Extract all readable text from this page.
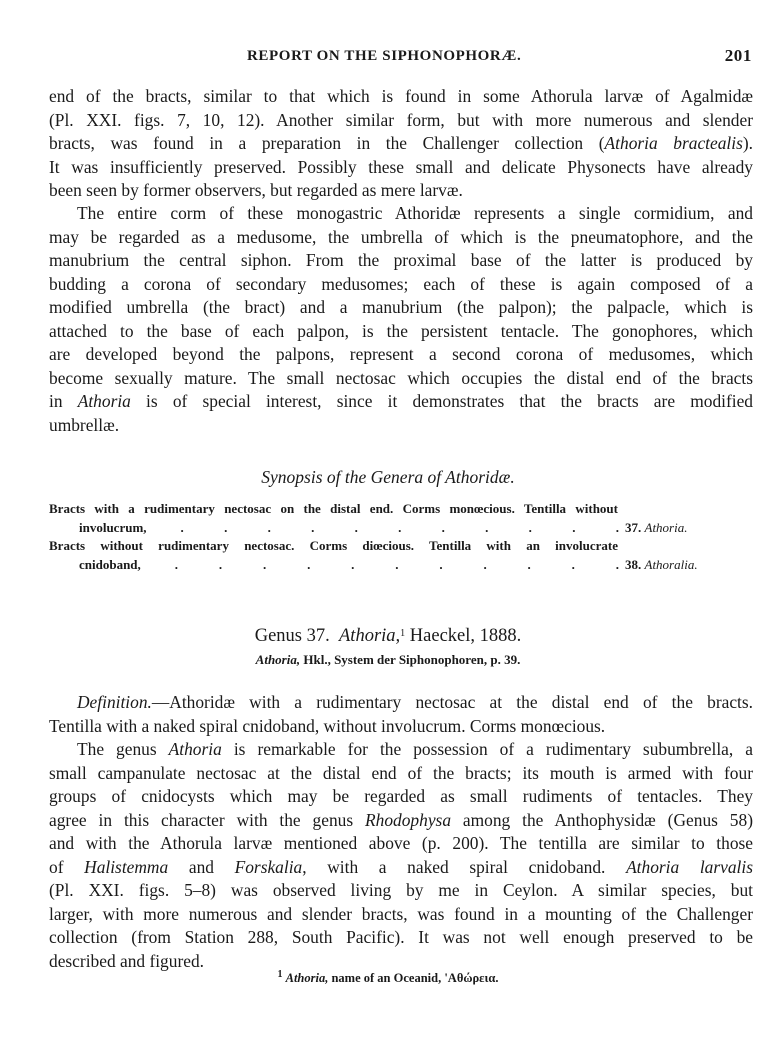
REPORT ON THE SIPHONOPHORÆ.	201
end of the bracts, similar to that which is found in some Athorula larvæ of Agalmidæ
(Pl. XXI. figs. 7, 10, 12). Another similar form, but with more numerous and slender
bracts, was found in a preparation in the Challenger collection (Athoria bractealis).
It was insufficiently preserved. Possibly these small and delicate Physonects have already
been seen by former observers, but regarded as mere larvæ.
The entire corm of these monogastric Athoridæ represents a single cormidium, and
may be regarded as a medusome, the umbrella of which is the pneumatophore, and the
manubrium the central siphon. From the proximal base of the latter is produced by
budding a corona of secondary medusomes; each of these is again composed of a
modified umbrella (the bract) and a manubrium (the palpon); the palpacle, which is
attached to the base of each palpon, is the persistent tentacle. The gonophores, which
are developed beyond the palpons, represent a second corona of medusomes, which
become sexually mature. The small nectosac which occupies the distal end of the bracts
in Athoria is of special interest, since it demonstrates that the bracts are modified
umbrellæ.
Synopsis of the Genera of Athoridæ.
Bracts with a rudimentary nectosac on the distal end. Corms monœcious. Tentilla without
involucrum,	.	.	.	.	.	.	.	.	.	.	. 37. Athoria.
Bracts without rudimentary nectosac. Corms diœcious. Tentilla with an involucrate
cnidoband,	.	.	.	.	.	.	.	.	.	.	. 38. Athoralia.
Genus 37. Athoria,$^1$ Haeckel, 1888.
Athoria, Hkl., System der Siphonophoren, p. 39.
Definition.—Athoridæ with a rudimentary nectosac at the distal end of the bracts.
Tentilla with a naked spiral cnidoband, without involucrum. Corms monœcious.
The genus Athoria is remarkable for the possession of a rudimentary subumbrella, a
small campanulate nectosac at the distal end of the bracts; its mouth is armed with four
groups of cnidocysts which may be regarded as small rudiments of tentacles. They
agree in this character with the genus Rhodophysa among the Anthophysidæ (Genus 58)
and with the Athorula larvæ mentioned above (p. 200). The tentilla are similar to those
of Halistemma and Forskalia, with a naked spiral cnidoband. Athoria larvalis
(Pl. XXI. figs. 5–8) was observed living by me in Ceylon. A similar species, but
larger, with more numerous and slender bracts, was found in a mounting of the Challenger
collection (from Station 288, South Pacific). It was not well enough preserved to be
described and figured.
$^1$ Athoria, name of an Oceanid, 'Αθώρεια.
